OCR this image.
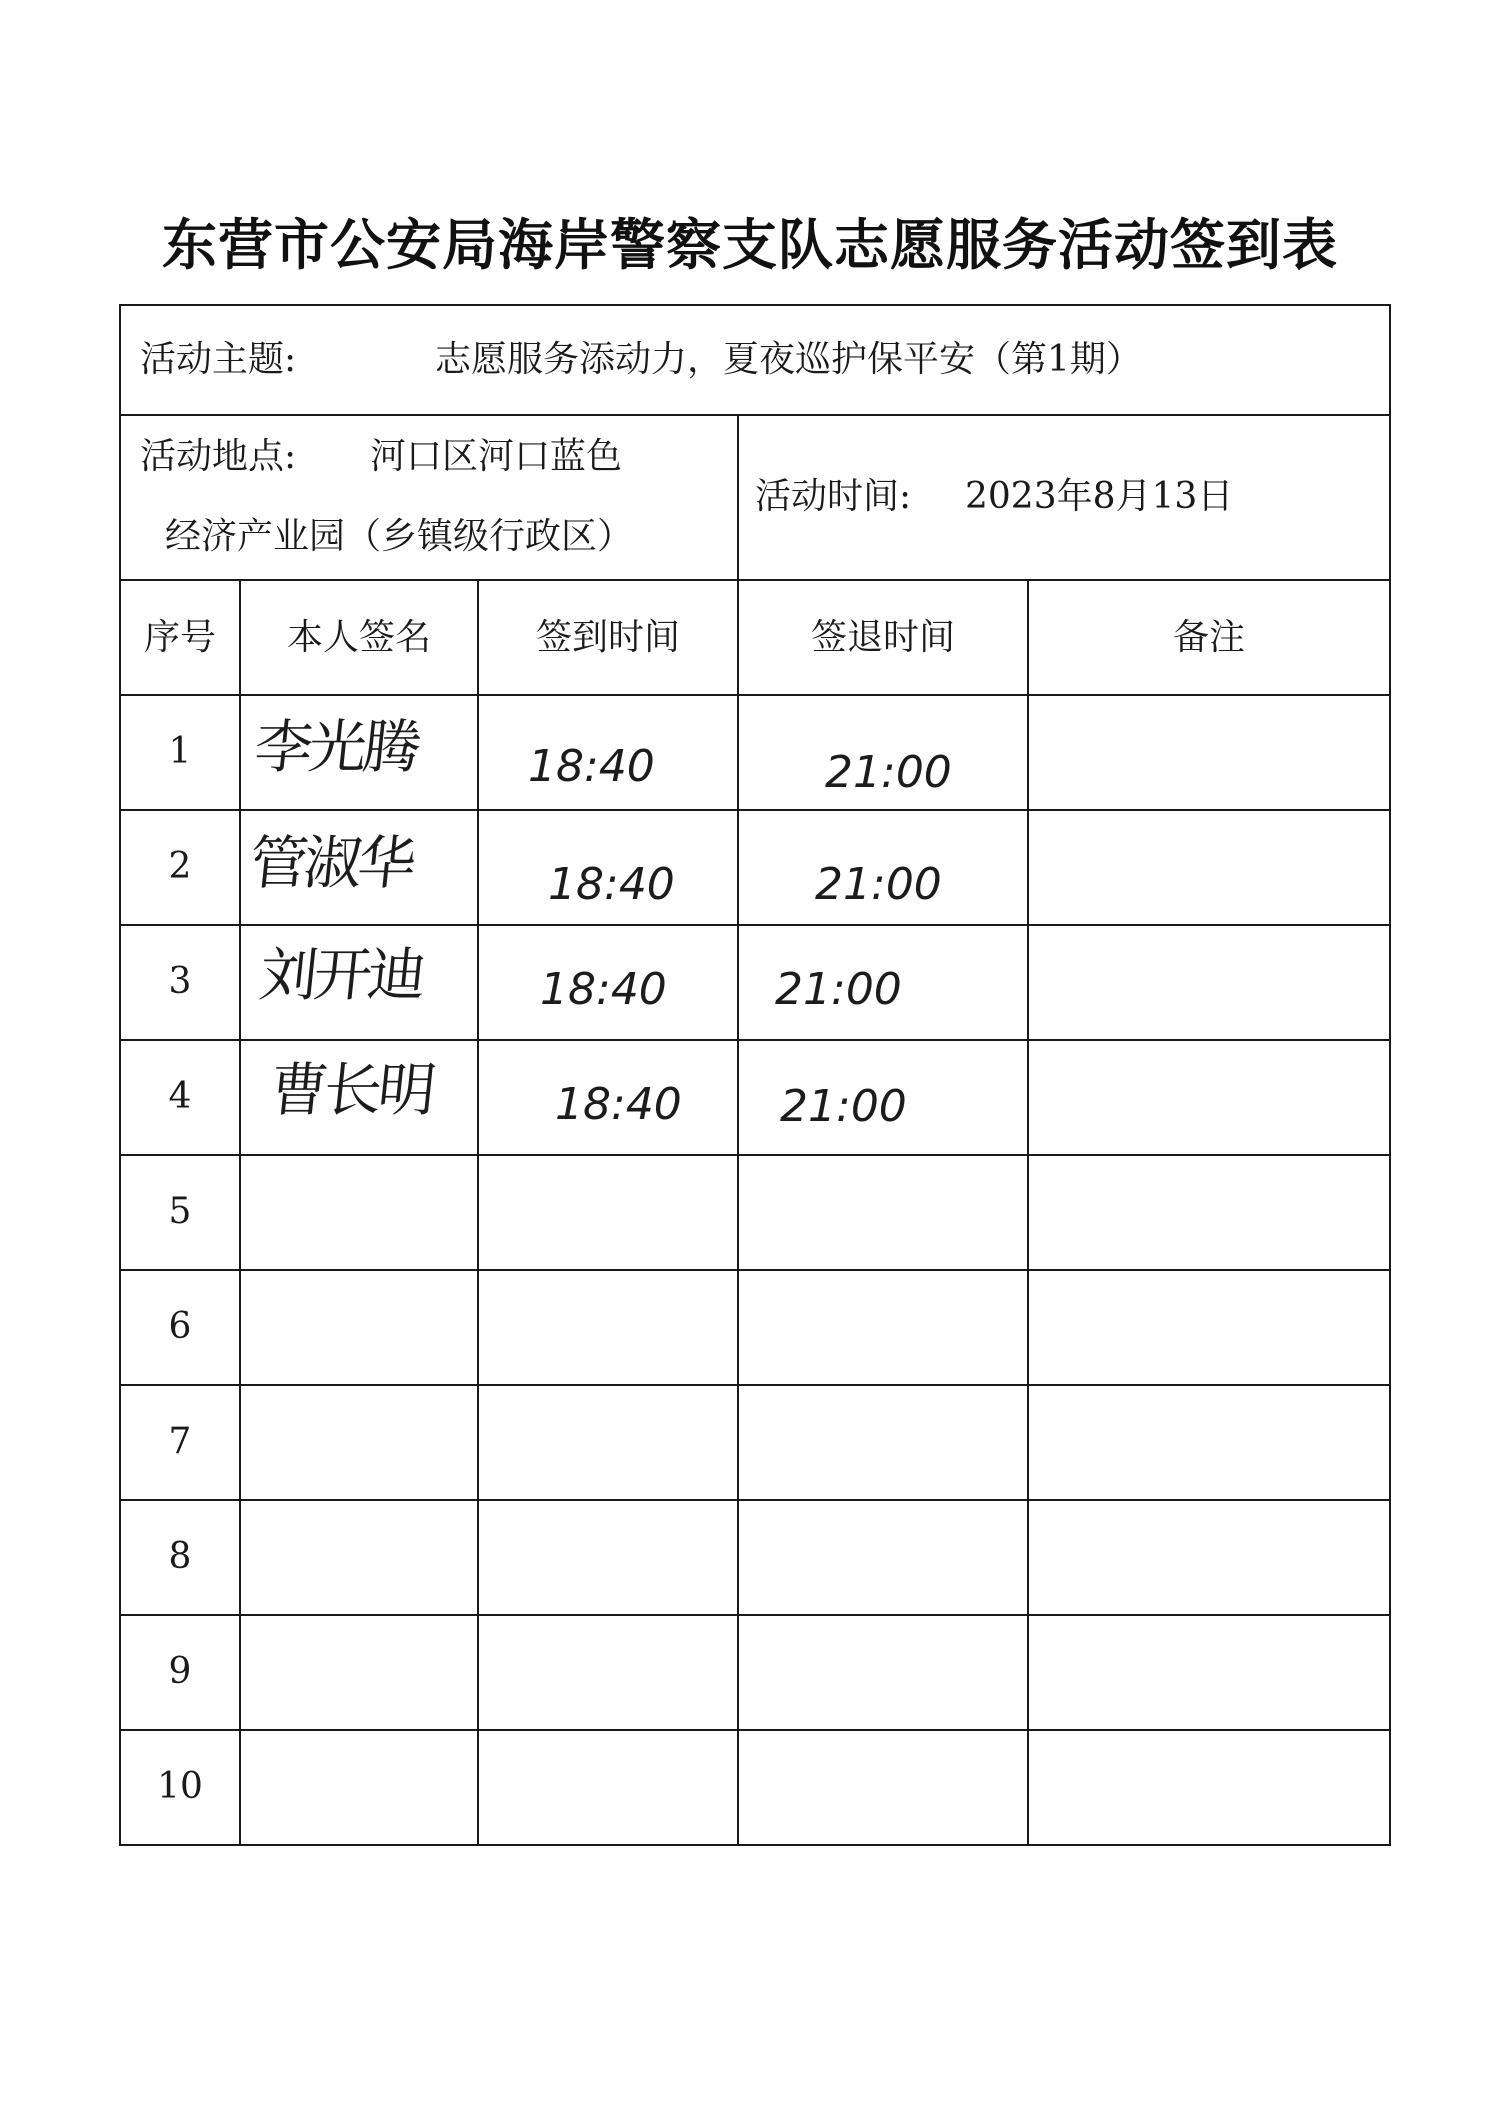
东营市公安局海岸警察支队志愿服务活动签到表
活动主题:	志愿服务添动力，夏夜巡护保平安（第1期）
活动地点: 河口区河口蓝色
经济产业园（乡镇级行政区）
活动时间: 2023年8月13日
序号	本人签名	签到时间	签退时间	备注
1	李光腾 18:40	21:00
2 管淑华	18:40	21:00
3	刘开迪	18:40 21:00
4	曹长明	18:40 21:00
5
6
7
8
9
10
